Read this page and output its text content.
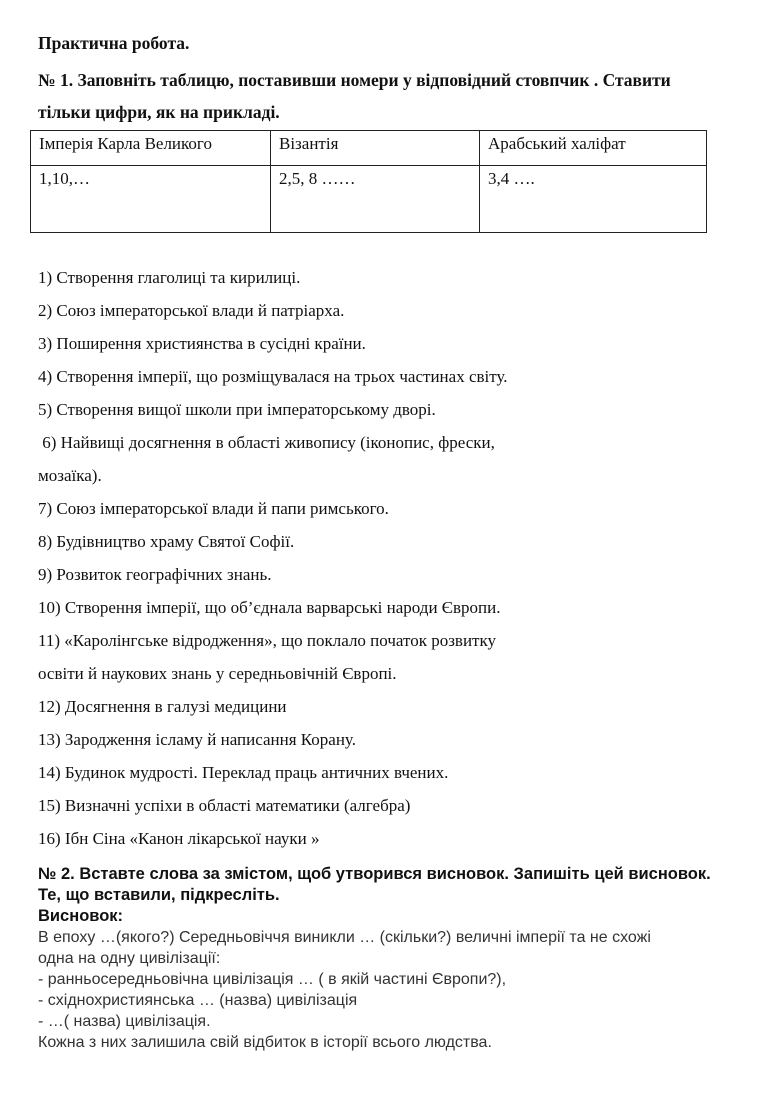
Практична робота.
№ 1. Заповніть таблицю, поставивши номери у відповідний стовпчик . Ставити
тільки цифри, як на прикладі.
Імперія Карла Великого	Візантія	Арабський халіфат
1,10,…	2,5, 8 ……	3,4 ….
1) Створення глаголиці та кирилиці.
2) Союз імператорської влади й патріарха.
3) Поширення християнства в сусідні країни.
4) Створення імперії, що розміщувалася на трьох частинах світу.
5) Створення вищої школи при імператорському дворі.
6) Найвищі досягнення в області живопису (іконопис, фрески,
мозаїка).
7) Союз імператорської влади й папи римського.
8) Будівництво храму Святої Софії.
9) Розвиток географічних знань.
10) Створення імперії, що об’єднала варварські народи Європи.
11) «Каролінгське відродження», що поклало початок розвитку
освіти й наукових знань у середньовічній Європі.
12) Досягнення в галузі медицини
13) Зародження ісламу й написання Корану.
14) Будинок мудрості. Переклад праць античних вчених.
15) Визначні успіхи в області математики (алгебра)
16) Ібн Сіна «Канон лікарської науки »
№ 2. Вставте слова за змістом, щоб утворився висновок. Запишіть цей висновок.
Те, що вставили, підкресліть.
Висновок:
В епоху …(якого?) Середньовіччя виникли … (скільки?) величні імперії та не схожі
одна на одну цивілізації:
- ранньосередньовічна цивілізація … ( в якій частині Європи?),
- східнохристиянська … (назва) цивілізація
- …( назва) цивілізація.
Кожна з них залишила свій відбиток в історії всього людства.
